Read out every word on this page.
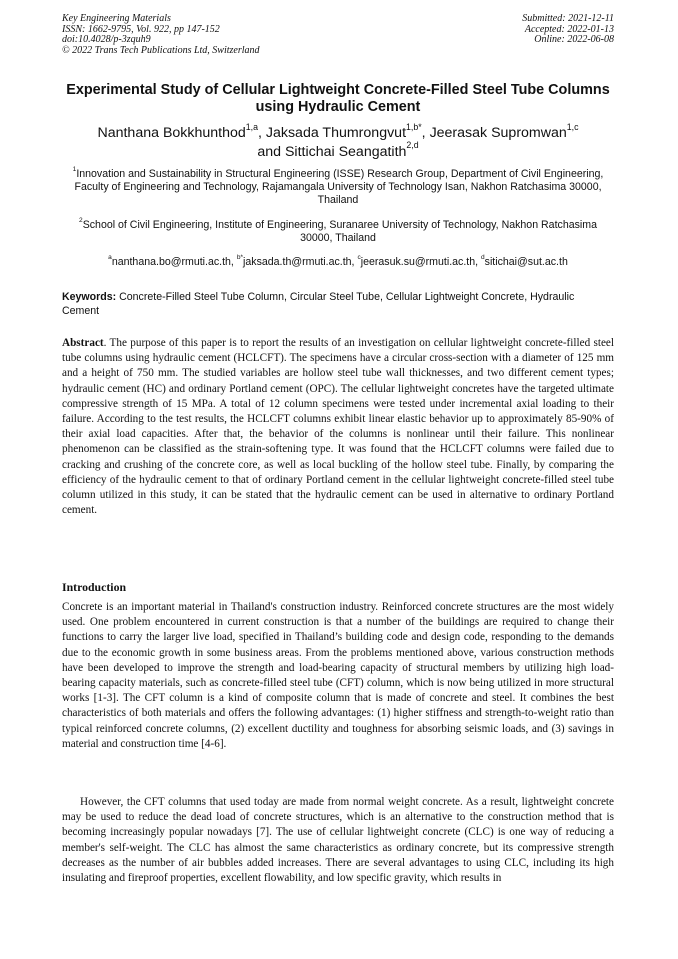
Key Engineering Materials
ISSN: 1662-9795, Vol. 922, pp 147-152
doi:10.4028/p-3zquh9
© 2022 Trans Tech Publications Ltd, Switzerland
Submitted: 2021-12-11
Accepted: 2022-01-13
Online: 2022-06-08
Experimental Study of Cellular Lightweight Concrete-Filled Steel Tube Columns using Hydraulic Cement
Nanthana Bokkhunthod$^{1,a}$, Jaksada Thumrongvut$^{1,b*}$, Jeerasak Supromwan$^{1,c}$
and Sittichai Seangatith$^{2,d}$
$^1$Innovation and Sustainability in Structural Engineering (ISSE) Research Group, Department of Civil Engineering, Faculty of Engineering and Technology, Rajamangala University of Technology Isan, Nakhon Ratchasima 30000, Thailand
$^2$School of Civil Engineering, Institute of Engineering, Suranaree University of Technology, Nakhon Ratchasima 30000, Thailand
$^a$nanthana.bo@rmuti.ac.th, $^{b*}$jaksada.th@rmuti.ac.th, $^c$jeerasuk.su@rmuti.ac.th, $^d$sitichai@sut.ac.th
Keywords: Concrete-Filled Steel Tube Column, Circular Steel Tube, Cellular Lightweight Concrete, Hydraulic Cement

Abstract. The purpose of this paper is to report the results of an investigation on cellular lightweight concrete-filled steel tube columns using hydraulic cement (HCLCFT). The specimens have a circular cross-section with a diameter of 125 mm and a height of 750 mm. The studied variables are hollow steel tube wall thicknesses, and two different cement types; hydraulic cement (HC) and ordinary Portland cement (OPC). The cellular lightweight concretes have the targeted ultimate compressive strength of 15 MPa. A total of 12 column specimens were tested under incremental axial loading to their failure. According to the test results, the HCLCFT columns exhibit linear elastic behavior up to approximately 85-90% of their axial load capacities. After that, the behavior of the columns is nonlinear until their failure. This nonlinear phenomenon can be classified as the strain-softening type. It was found that the HCLCFT columns were failed due to cracking and crushing of the concrete core, as well as local buckling of the hollow steel tube. Finally, by comparing the efficiency of the hydraulic cement to that of ordinary Portland cement in the cellular lightweight concrete-filled steel tube column utilized in this study, it can be stated that the hydraulic cement can be used in alternative to ordinary Portland cement.

Introduction

Concrete is an important material in Thailand's construction industry. Reinforced concrete structures are the most widely used. One problem encountered in current construction is that a number of the buildings are required to change their functions to carry the larger live load, specified in Thailand’s building code and design code, responding to the demands due to the economic growth in some business areas. From the problems mentioned above, various construction methods have been developed to improve the strength and load-bearing capacity of structural members by utilizing high load-bearing capacity materials, such as concrete-filled steel tube (CFT) column, which is now being utilized in more structural works [1-3]. The CFT column is a kind of composite column that is made of concrete and steel. It combines the best characteristics of both materials and offers the following advantages: (1) higher stiffness and strength-to-weight ratio than typical reinforced concrete columns, (2) excellent ductility and toughness for absorbing seismic loads, and (3) savings in material and construction time [4-6].

However, the CFT columns that used today are made from normal weight concrete. As a result, lightweight concrete may be used to reduce the dead load of concrete structures, which is an alternative to the construction method that is becoming increasingly popular nowadays [7]. The use of cellular lightweight concrete (CLC) is one way of reducing a member's self-weight. The CLC has almost the same characteristics as ordinary concrete, but its compressive strength decreases as the number of air bubbles added increases. There are several advantages to using CLC, including its high insulating and fireproof properties, excellent flowability, and low specific gravity, which results in
